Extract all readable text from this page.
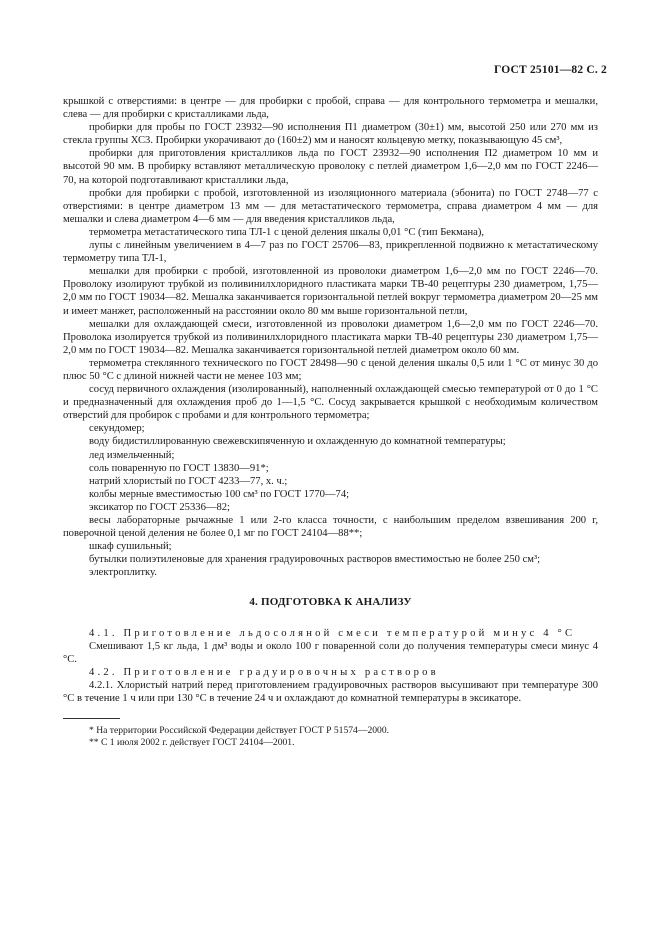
ГОСТ 25101—82 С. 2

крышкой с отверстиями: в центре — для пробирки с пробой, справа — для контрольного термометра и мешалки, слева — для пробирки с кристалликами льда,

пробирки для пробы по ГОСТ 23932—90 исполнения П1 диаметром (30±1) мм, высотой 250 или 270 мм из стекла группы ХС3. Пробирки укорачивают до (160±2) мм и наносят кольцевую метку, показывающую 45 см³,

пробирки для приготовления кристалликов льда по ГОСТ 23932—90 исполнения П2 диаметром 10 мм и высотой 90 мм. В пробирку вставляют металлическую проволоку с петлей диаметром 1,6—2,0 мм по ГОСТ 2246—70, на которой подготавливают кристаллики льда,

пробки для пробирки с пробой, изготовленной из изоляционного материала (эбонита) по ГОСТ 2748—77 с отверстиями: в центре диаметром 13 мм — для метастатического термометра, справа диаметром 4 мм — для мешалки и слева диаметром 4—6 мм — для введения кристалликов льда,

термометра метастатического типа ТЛ-1 с ценой деления шкалы 0,01 °С (тип Бекмана),

лупы с линейным увеличением в 4—7 раз по ГОСТ 25706—83, прикрепленной подвижно к метастатическому термометру типа ТЛ-1,

мешалки для пробирки с пробой, изготовленной из проволоки диаметром 1,6—2,0 мм по ГОСТ 2246—70. Проволоку изолируют трубкой из поливинилхлоридного пластиката марки ТВ-40 рецептуры 230 диаметром, 1,75—2,0 мм по ГОСТ 19034—82. Мешалка заканчивается горизонтальной петлей вокруг термометра диаметром 20—25 мм и имеет манжет, расположенный на расстоянии около 80 мм выше горизонтальной петли,

мешалки для охлаждающей смеси, изготовленной из проволоки диаметром 1,6—2,0 мм по ГОСТ 2246—70. Проволока изолируется трубкой из поливинилхлоридного пластиката марки ТВ-40 рецептуры 230 диаметром 1,75—2,0 мм по ГОСТ 19034—82. Мешалка заканчивается горизонтальной петлей диаметром около 60 мм.

термометра стеклянного технического по ГОСТ 28498—90 с ценой деления шкалы 0,5 или 1 °С от минус 30 до плюс 50 °С с длиной нижней части не менее 103 мм;

сосуд первичного охлаждения (изолированный), наполненный охлаждающей смесью температурой от 0 до 1 °С и предназначенный для охлаждения проб до 1—1,5 °С. Сосуд закрывается крышкой с необходимым количеством отверстий для пробирок с пробами и для контрольного термометра;

секундомер;

воду бидистиллированную свежевскипяченную и охлажденную до комнатной температуры;

лед измельченный;

соль поваренную по ГОСТ 13830—91*;

натрий хлористый по ГОСТ 4233—77, х. ч.;

колбы мерные вместимостью 100 см³ по ГОСТ 1770—74;

эксикатор по ГОСТ 25336—82;

весы лабораторные рычажные 1 или 2-го класса точности, с наибольшим пределом взвешивания 200 г, поверочной ценой деления не более 0,1 мг по ГОСТ 24104—88**;

шкаф сушильный;

бутылки полиэтиленовые для хранения градуировочных растворов вместимостью не более 250 см³;

электроплитку.

4. ПОДГОТОВКА К АНАЛИЗУ

4.1. Приготовление льдосоляной смеси температурой минус 4 °С

Смешивают 1,5 кг льда, 1 дм³ воды и около 100 г поваренной соли до получения температуры смеси минус 4 °С.

4.2. Приготовление градуировочных растворов

4.2.1. Хлористый натрий перед приготовлением градуировочных растворов высушивают при температуре 300 °С в течение 1 ч или при 130 °С в течение 24 ч и охлаждают до комнатной температуры в эксикаторе.

* На территории Российской Федерации действует ГОСТ Р 51574—2000.

** С 1 июля 2002 г. действует ГОСТ 24104—2001.
